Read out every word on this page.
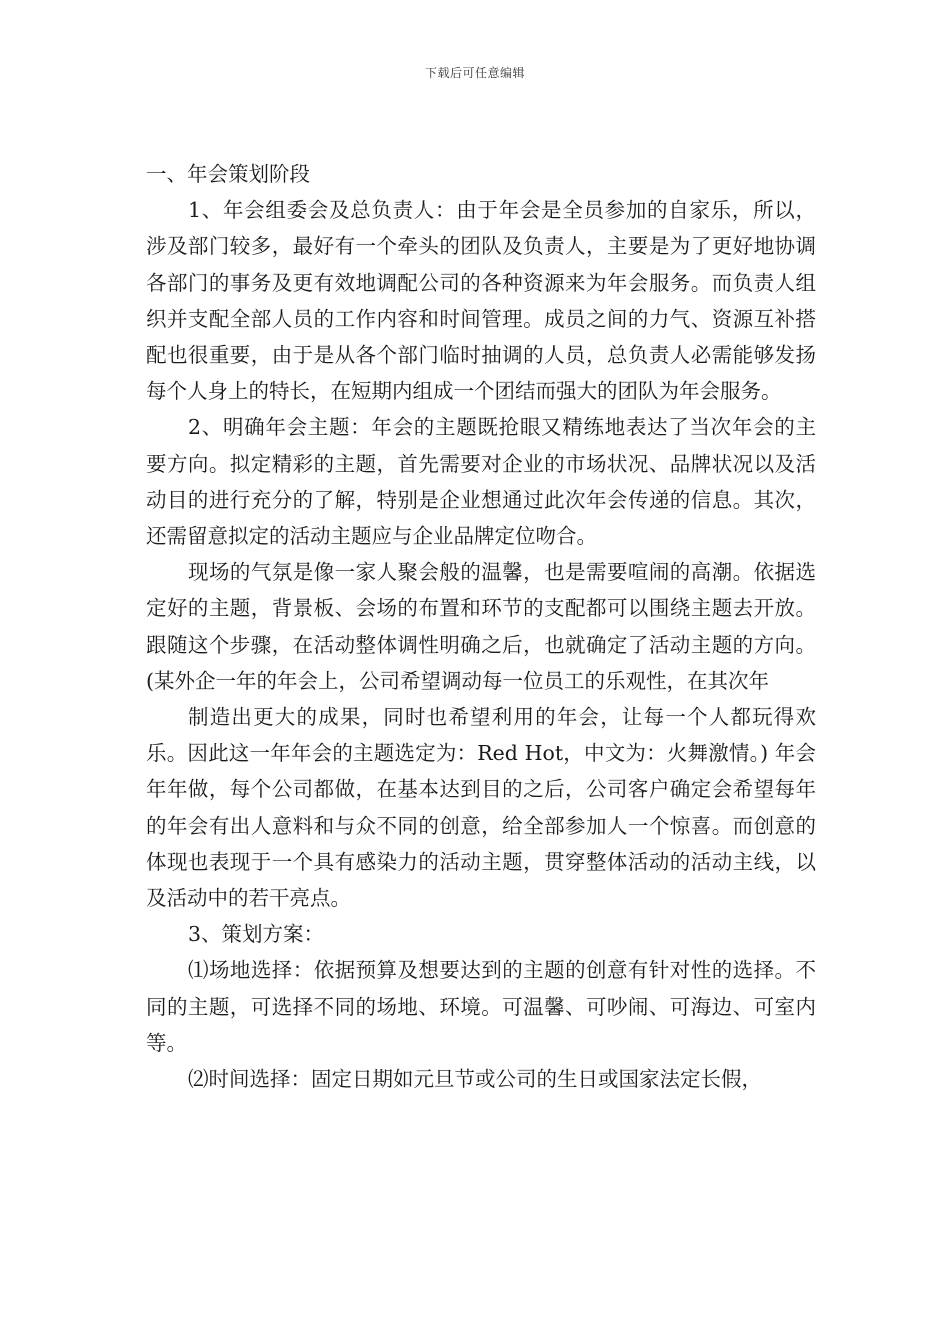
下载后可任意编辑

一、年会策划阶段

1、年会组委会及总负责人：由于年会是全员参加的自家乐，所以，涉及部门较多，最好有一个牵头的团队及负责人，主要是为了更好地协调各部门的事务及更有效地调配公司的各种资源来为年会服务。而负责人组织并支配全部人员的工作内容和时间管理。成员之间的力气、资源互补搭配也很重要，由于是从各个部门临时抽调的人员，总负责人必需能够发扬每个人身上的特长，在短期内组成一个团结而强大的团队为年会服务。

2、明确年会主题：年会的主题既抢眼又精练地表达了当次年会的主要方向。拟定精彩的主题，首先需要对企业的市场状况、品牌状况以及活动目的进行充分的了解，特别是企业想通过此次年会传递的信息。其次，还需留意拟定的活动主题应与企业品牌定位吻合。

现场的气氛是像一家人聚会般的温馨，也是需要喧闹的高潮。依据选定好的主题，背景板、会场的布置和环节的支配都可以围绕主题去开放。跟随这个步骤，在活动整体调性明确之后，也就确定了活动主题的方向。(某外企一年的年会上，公司希望调动每一位员工的乐观性，在其次年

制造出更大的成果，同时也希望利用的年会，让每一个人都玩得欢乐。因此这一年年会的主题选定为：Red Hot，中文为：火舞激情。) 年会年年做，每个公司都做，在基本达到目的之后，公司客户确定会希望每年的年会有出人意料和与众不同的创意，给全部参加人一个惊喜。而创意的体现也表现于一个具有感染力的活动主题，贯穿整体活动的活动主线，以及活动中的若干亮点。

3、策划方案：

⑴场地选择：依据预算及想要达到的主题的创意有针对性的选择。不同的主题，可选择不同的场地、环境。可温馨、可吵闹、可海边、可室内等。

⑵时间选择：固定日期如元旦节或公司的生日或国家法定长假，
